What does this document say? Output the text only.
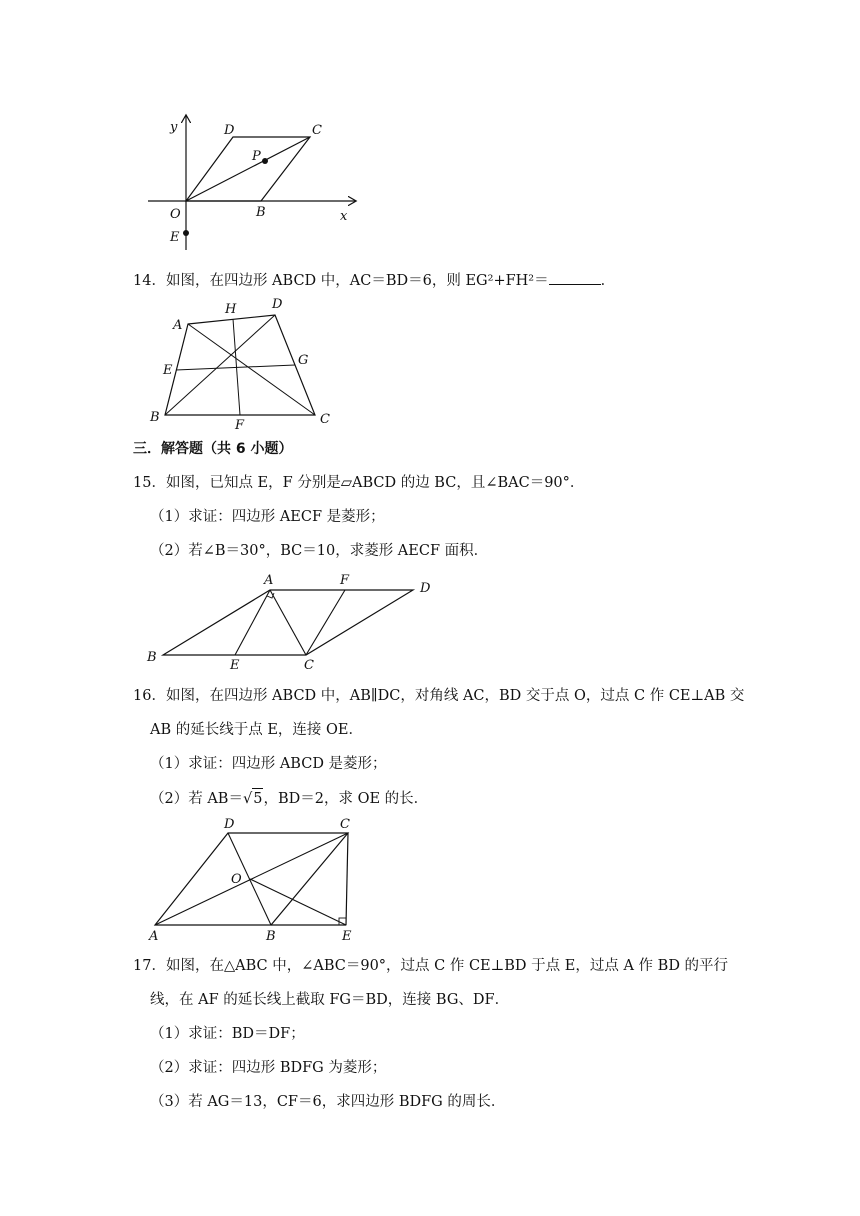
y
x
D	C
P
O	B
E
14．如图，在四边形 ABCD 中，AC＝BD＝6，则 EG²+FH²＝	．
A
H	D
E
G
B
F	C
三．解答题（共 6 小题）
15．如图，已知点 E，F 分别是▱ABCD 的边 BC，且∠BAC＝90°．
（1）求证：四边形 AECF 是菱形；
（2）若∠B＝30°，BC＝10，求菱形 AECF 面积．
A	F
D
B
E	C
16．如图，在四边形 ABCD 中，AB∥DC，对角线 AC，BD 交于点 O，过点 C 作 CE⊥AB 交
AB 的延长线于点 E，连接 OE．
（1）求证：四边形 ABCD 是菱形；
（2）若 AB＝√5，BD＝2，求 OE 的长．
D	C
O
A	B	E
17．如图，在△ABC 中，∠ABC＝90°，过点 C 作 CE⊥BD 于点 E，过点 A 作 BD 的平行
线，在 AF 的延长线上截取 FG＝BD，连接 BG、DF．
（1）求证：BD＝DF；
（2）求证：四边形 BDFG 为菱形；
（3）若 AG＝13，CF＝6，求四边形 BDFG 的周长．
